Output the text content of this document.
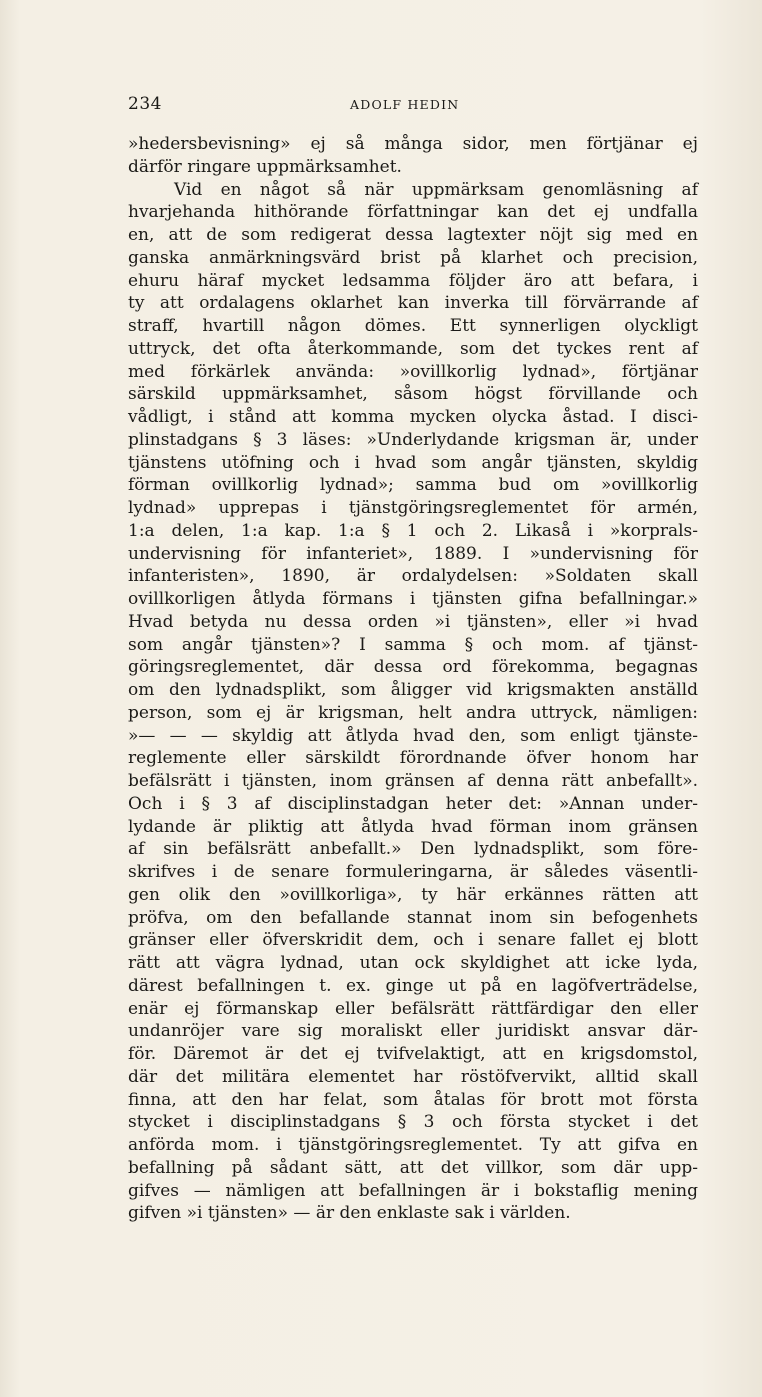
234	ADOLF HEDIN
»hedersbevisning» ej så många sidor, men förtjänar ej
därför ringare uppmärksamhet.
Vid en något så när uppmärksam genomläsning af
hvarjehanda hithörande författningar kan det ej undfalla
en, att de som redigerat dessa lagtexter nöjt sig med en
ganska anmärkningsvärd brist på klarhet och precision,
ehuru häraf mycket ledsamma följder äro att befara, i
ty att ordalagens oklarhet kan inverka till förvärrande af
straff, hvartill någon dömes. Ett synnerligen olyckligt
uttryck, det ofta återkommande, som det tyckes rent af
med förkärlek använda: »ovillkorlig lydnad», förtjänar
särskild uppmärksamhet, såsom högst förvillande och
vådligt, i stånd att komma mycken olycka åstad. I disci-
plinstadgans § 3 läses: »Underlydande krigsman är, under
tjänstens utöfning och i hvad som angår tjänsten, skyldig
förman ovillkorlig lydnad»; samma bud om »ovillkorlig
lydnad» upprepas i tjänstgöringsreglementet för armén,
1:a delen, 1:a kap. 1:a § 1 och 2. Likaså i »korprals-
undervisning för infanteriet», 1889. I »undervisning för
infanteristen», 1890, är ordalydelsen: »Soldaten skall
ovillkorligen åtlyda förmans i tjänsten gifna befallningar.»
Hvad betyda nu dessa orden »i tjänsten», eller »i hvad
som angår tjänsten»? I samma § och mom. af tjänst-
göringsreglementet, där dessa ord förekomma, begagnas
om den lydnadsplikt, som åligger vid krigsmakten anställd
person, som ej är krigsman, helt andra uttryck, nämligen:
»— — — skyldig att åtlyda hvad den, som enligt tjänste-
reglemente eller särskildt förordnande öfver honom har
befälsrätt i tjänsten, inom gränsen af denna rätt anbefallt».
Och i § 3 af disciplinstadgan heter det: »Annan under-
lydande är pliktig att åtlyda hvad förman inom gränsen
af sin befälsrätt anbefallt.» Den lydnadsplikt, som före-
skrifves i de senare formuleringarna, är således väsentli-
gen olik den »ovillkorliga», ty här erkännes rätten att
pröfva, om den befallande stannat inom sin befogenhets
gränser eller öfverskridit dem, och i senare fallet ej blott
rätt att vägra lydnad, utan ock skyldighet att icke lyda,
därest befallningen t. ex. ginge ut på en lagöfverträdelse,
enär ej förmanskap eller befälsrätt rättfärdigar den eller
undanröjer vare sig moraliskt eller juridiskt ansvar där-
för. Däremot är det ej tvifvelaktigt, att en krigsdomstol,
där det militära elementet har röstöfvervikt, alltid skall
finna, att den har felat, som åtalas för brott mot första
stycket i disciplinstadgans § 3 och första stycket i det
anförda mom. i tjänstgöringsreglementet. Ty att gifva en
befallning på sådant sätt, att det villkor, som där upp-
gifves — nämligen att befallningen är i bokstaflig mening
gifven »i tjänsten» — är den enklaste sak i världen.
